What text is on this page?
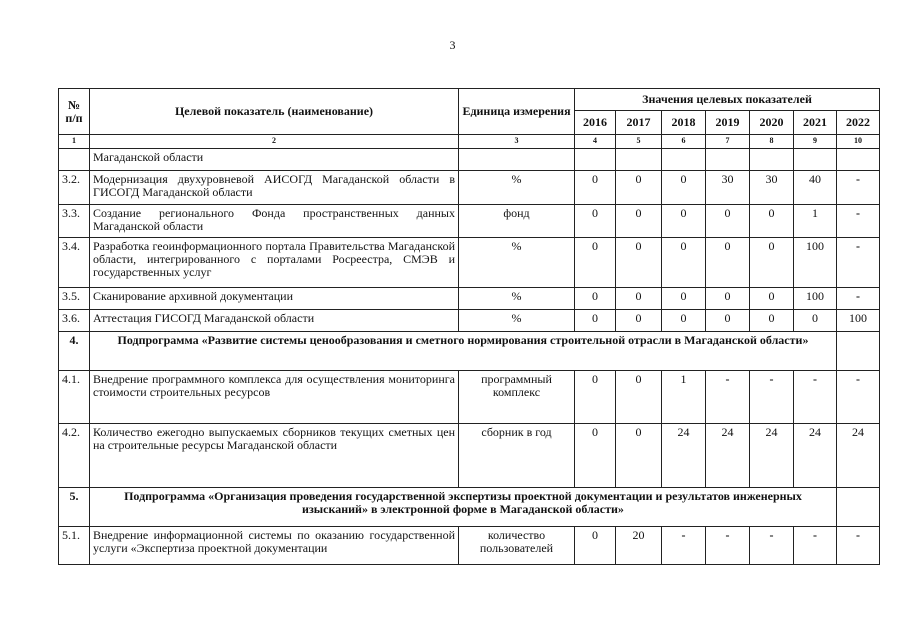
3
№ п/п	Целевой показатель (наименование)	Единица измерения	Значения целевых показателей						
			2016	2017	2018	2019	2020	2021	2022
1	2	3	4	5	6	7	8	9	10
	Магаданской области								
3.2.	Модернизация двухуровневой АИСОГД Магаданской области в ГИСОГД Магаданской области	%	0	0	0	30	30	40	-
3.3.	Создание регионального Фонда пространственных данных Магаданской области	фонд	0	0	0	0	0	1	-
3.4.	Разработка геоинформационного портала Правительства Магаданской области, интегрированного с порталами Росреестра, СМЭВ и государственных услуг	%	0	0	0	0	0	100	-
3.5.	Сканирование архивной документации	%	0	0	0	0	0	100	-
3.6.	Аттестация ГИСОГД Магаданской области	%	0	0	0	0	0	0	100
4.	Подпрограмма «Развитие системы ценообразования и сметного нормирования строительной отрасли в Магаданской области»								
4.1.	Внедрение программного комплекса для осуществления мониторинга стоимости строительных ресурсов	программный комплекс	0	0	1	-	-	-	-
4.2.	Количество ежегодно выпускаемых сборников текущих сметных цен на строительные ресурсы Магаданской области	сборник в год	0	0	24	24	24	24	24
5.	Подпрограмма «Организация проведения государственной экспертизы проектной документации и результатов инженерных изысканий» в электронной форме в Магаданской области»								
5.1.	Внедрение информационной системы по оказанию государственной услуги «Экспертиза проектной документации	количество пользователей	0	20	-	-	-	-	-
